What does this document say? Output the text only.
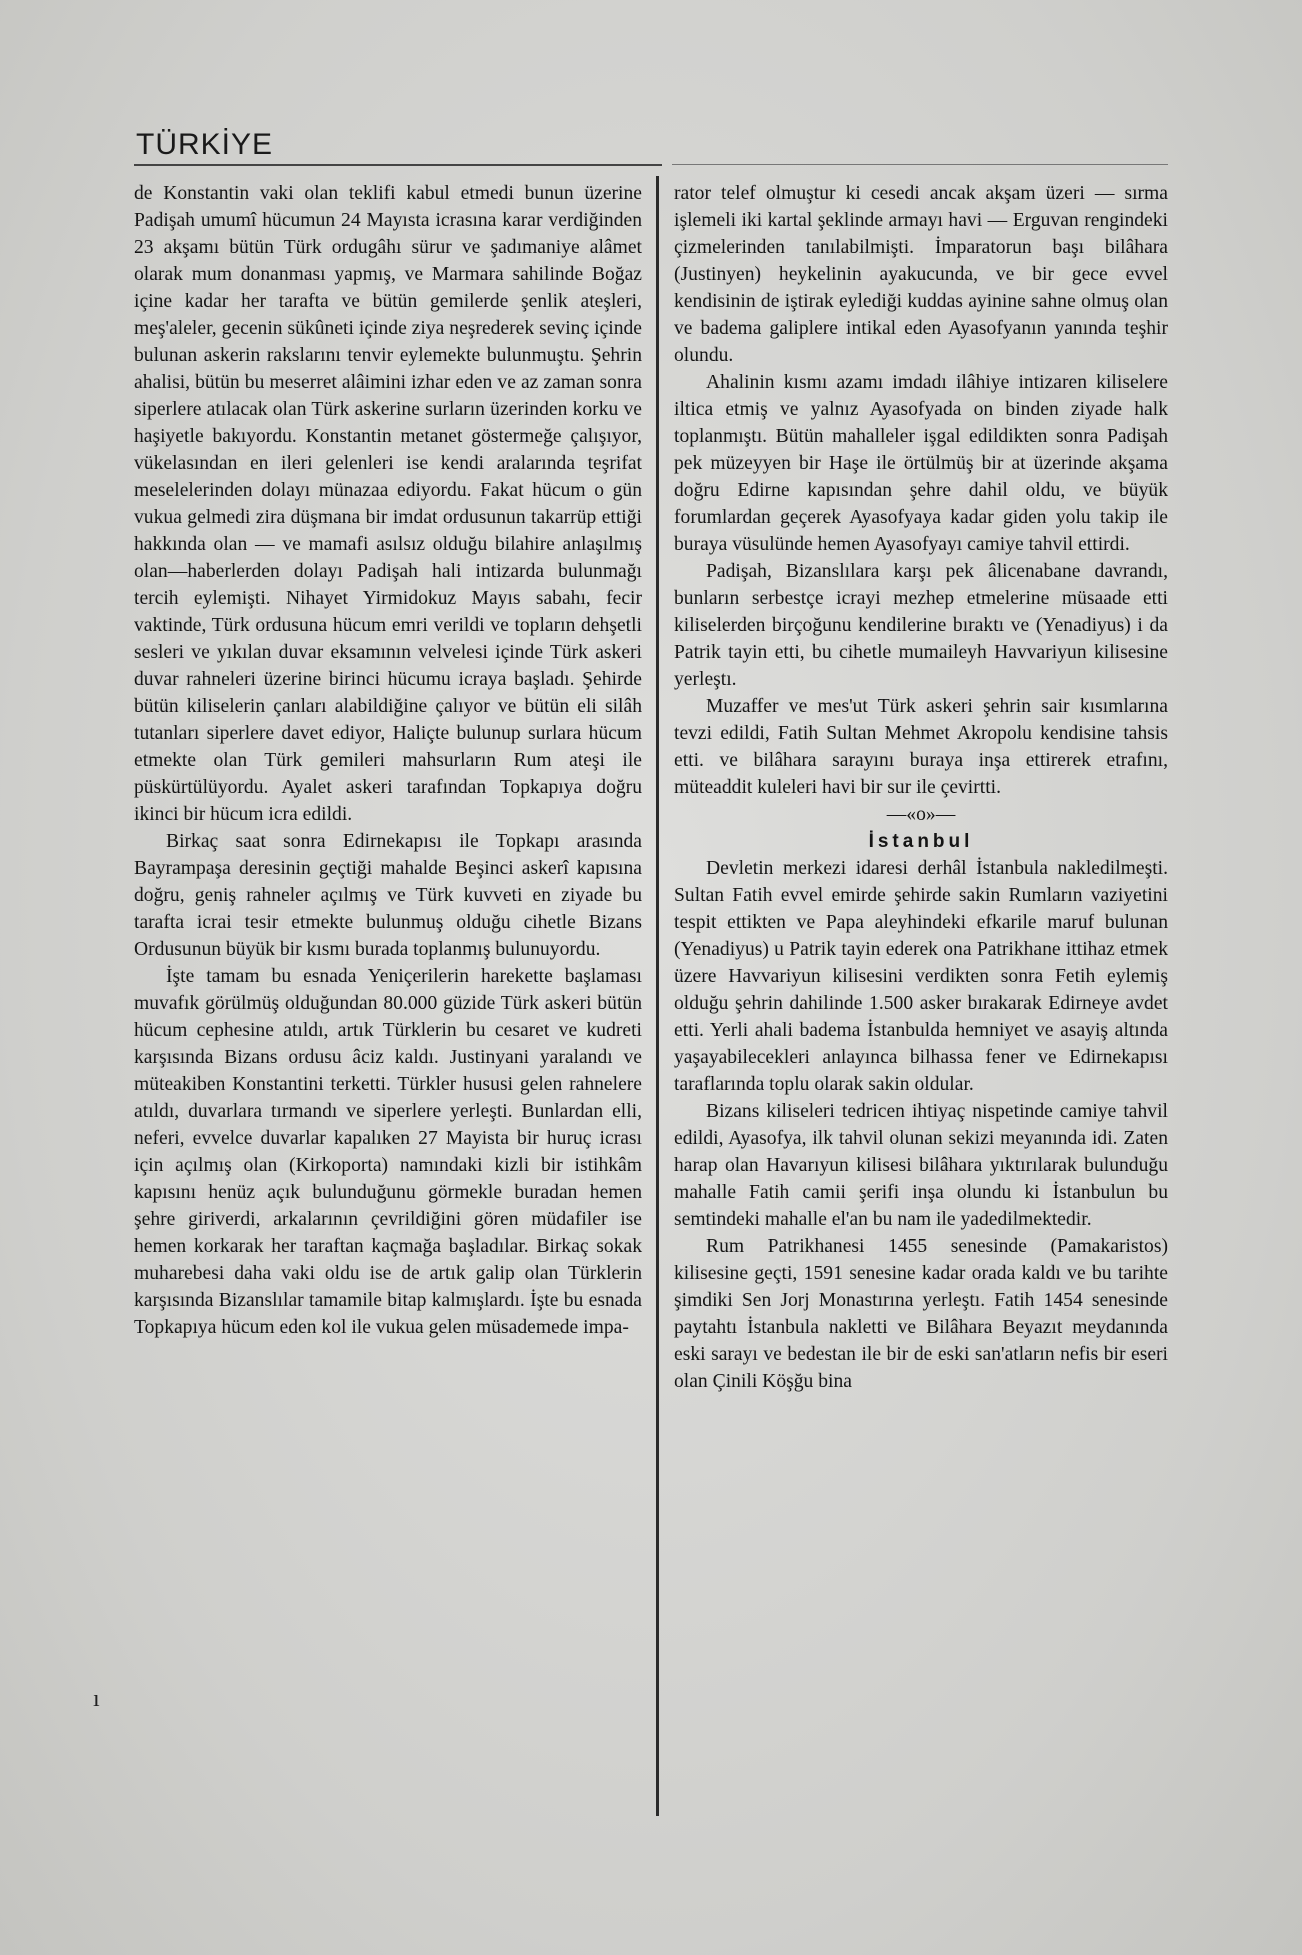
TÜRKİYE
ı

de Konstantin vaki olan teklifi kabul etmedi bunun üzerine Padişah umumî hücumun 24 Mayısta icrasına karar verdiğinden 23 akşamı bütün Türk ordugâhı sürur ve şadımaniye alâmet olarak mum donanması yapmış, ve Marmara sahilinde Boğaz içine kadar her tarafta ve bütün gemilerde şenlik ateşleri, meş'aleler, gecenin sükûneti içinde ziya neşrederek sevinç içinde bulunan askerin rakslarını tenvir eylemekte bulunmuştu. Şehrin ahalisi, bütün bu meserret alâimini izhar eden ve az zaman sonra siperlere atılacak olan Türk askerine surların üzerinden korku ve haşiyetle bakıyordu. Konstantin metanet göstermeğe çalışıyor, vükelasından en ileri gelenleri ise kendi aralarında teşrifat meselelerinden dolayı münazaa ediyordu. Fakat hücum o gün vukua gelmedi zira düşmana bir imdat ordusunun takarrüp ettiği hakkında olan — ve mamafi asılsız olduğu bilahire anlaşılmış olan—haberlerden dolayı Padişah hali intizarda bulunmağı tercih eylemişti. Nihayet Yirmidokuz Mayıs sabahı, fecir vaktinde, Türk ordusuna hücum emri verildi ve topların dehşetli sesleri ve yıkılan duvar eksamının velvelesi içinde Türk askeri duvar rahneleri üzerine birinci hücumu icraya başladı. Şehirde bütün kiliselerin çanları alabildiğine çalıyor ve bütün eli silâh tutanları siperlere davet ediyor, Haliçte bulunup surlara hücum etmekte olan Türk gemileri mahsurların Rum ateşi ile püskürtülüyordu. Ayalet askeri tarafından Topkapıya doğru ikinci bir hücum icra edildi.

Birkaç saat sonra Edirnekapısı ile Topkapı arasında Bayrampaşa deresinin geçtiği mahalde Beşinci askerî kapısına doğru, geniş rahneler açılmış ve Türk kuvveti en ziyade bu tarafta icrai tesir etmekte bulunmuş olduğu cihetle Bizans Ordusunun büyük bir kısmı burada toplanmış bulunuyordu.

İşte tamam bu esnada Yeniçerilerin harekette başlaması muvafık görülmüş olduğundan 80.000 güzide Türk askeri bütün hücum cephesine atıldı, artık Türklerin bu cesaret ve kudreti karşısında Bizans ordusu âciz kaldı. Justinyani yaralandı ve müteakiben Konstantini terketti. Türkler hususi gelen rahnelere atıldı, duvarlara tırmandı ve siperlere yerleşti. Bunlardan elli, neferi, evvelce duvarlar kapalıken 27 Mayista bir huruç icrası için açılmış olan (Kirkoporta) namındaki kizli bir istihkâm kapısını henüz açık bulunduğunu görmekle buradan hemen şehre giriverdi, arkalarının çevrildiğini gören müdafiler ise hemen korkarak her taraftan kaçmağa başladılar. Birkaç sokak muharebesi daha vaki oldu ise de artık galip olan Türklerin karşısında Bizanslılar tamamile bitap kalmışlardı. İşte bu esnada Topkapıya hücum eden kol ile vukua gelen müsademede impa-

rator telef olmuştur ki cesedi ancak akşam üzeri — sırma işlemeli iki kartal şeklinde armayı havi — Erguvan rengindeki çizmelerinden tanılabilmişti. İmparatorun başı bilâhara (Justinyen) heykelinin ayakucunda, ve bir gece evvel kendisinin de iştirak eylediği kuddas ayinine sahne olmuş olan ve badema galiplere intikal eden Ayasofyanın yanında teşhir olundu.

Ahalinin kısmı azamı imdadı ilâhiye intizaren kiliselere iltica etmiş ve yalnız Ayasofyada on binden ziyade halk toplanmıştı. Bütün mahalleler işgal edildikten sonra Padişah pek müzeyyen bir Haşe ile örtülmüş bir at üzerinde akşama doğru Edirne kapısından şehre dahil oldu, ve büyük forumlardan geçerek Ayasofyaya kadar giden yolu takip ile buraya vüsulünde hemen Ayasofyayı camiye tahvil ettirdi.

Padişah, Bizanslılara karşı pek âlicenabane davrandı, bunların serbestçe icrayi mezhep etmelerine müsaade etti kiliselerden birçoğunu kendilerine bıraktı ve (Yenadiyus) i da Patrik tayin etti, bu cihetle mumaileyh Havvariyun kilisesine yerleştı.

Muzaffer ve mes'ut Türk askeri şehrin sair kısımlarına tevzi edildi, Fatih Sultan Mehmet Akropolu kendisine tahsis etti. ve bilâhara sarayını buraya inşa ettirerek etrafını, müteaddit kuleleri havi bir sur ile çevirtti.

—«o»—

İstanbul

Devletin merkezi idaresi derhâl İstanbula nakledilmeşti. Sultan Fatih evvel emirde şehirde sakin Rumların vaziyetini tespit ettikten ve Papa aleyhindeki efkarile maruf bulunan (Yenadiyus) u Patrik tayin ederek ona Patrikhane ittihaz etmek üzere Havvariyun kilisesini verdikten sonra Fetih eylemiş olduğu şehrin dahilinde 1.500 asker bırakarak Edirneye avdet etti. Yerli ahali badema İstanbulda hemniyet ve asayiş altında yaşayabilecekleri anlayınca bilhassa fener ve Edirnekapısı taraflarında toplu olarak sakin oldular.

Bizans kiliseleri tedricen ihtiyaç nispetinde camiye tahvil edildi, Ayasofya, ilk tahvil olunan sekizi meyanında idi. Zaten harap olan Havarıyun kilisesi bilâhara yıktırılarak bulunduğu mahalle Fatih camii şerifi inşa olundu ki İstanbulun bu semtindeki mahalle el'an bu nam ile yadedilmektedir.

Rum Patrikhanesi 1455 senesinde (Pamakaristos) kilisesine geçti, 1591 senesine kadar orada kaldı ve bu tarihte şimdiki Sen Jorj Monastırına yerleştı. Fatih 1454 senesinde paytahtı İstanbula nakletti ve Bilâhara Beyazıt meydanında eski sarayı ve bedestan ile bir de eski san'atların nefis bir eseri olan Çinili Köşğu bina
